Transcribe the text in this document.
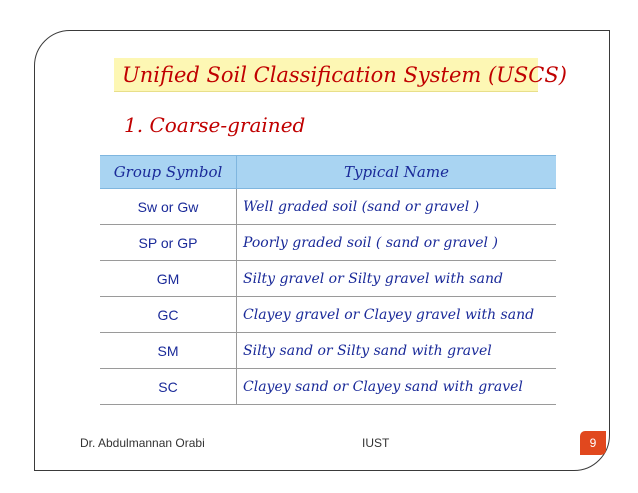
Unified Soil Classification System (USCS)
1. Coarse-grained
Group Symbol	Typical Name
Sw or Gw	Well graded soil (sand or gravel )
SP or GP	Poorly graded soil ( sand or gravel )
GM	Silty gravel or Silty gravel with sand
GC	Clayey gravel or Clayey gravel with sand
SM	Silty sand or Silty sand with gravel
SC	Clayey sand or Clayey sand with gravel
Dr. Abdulmannan Orabi	IUST	9
